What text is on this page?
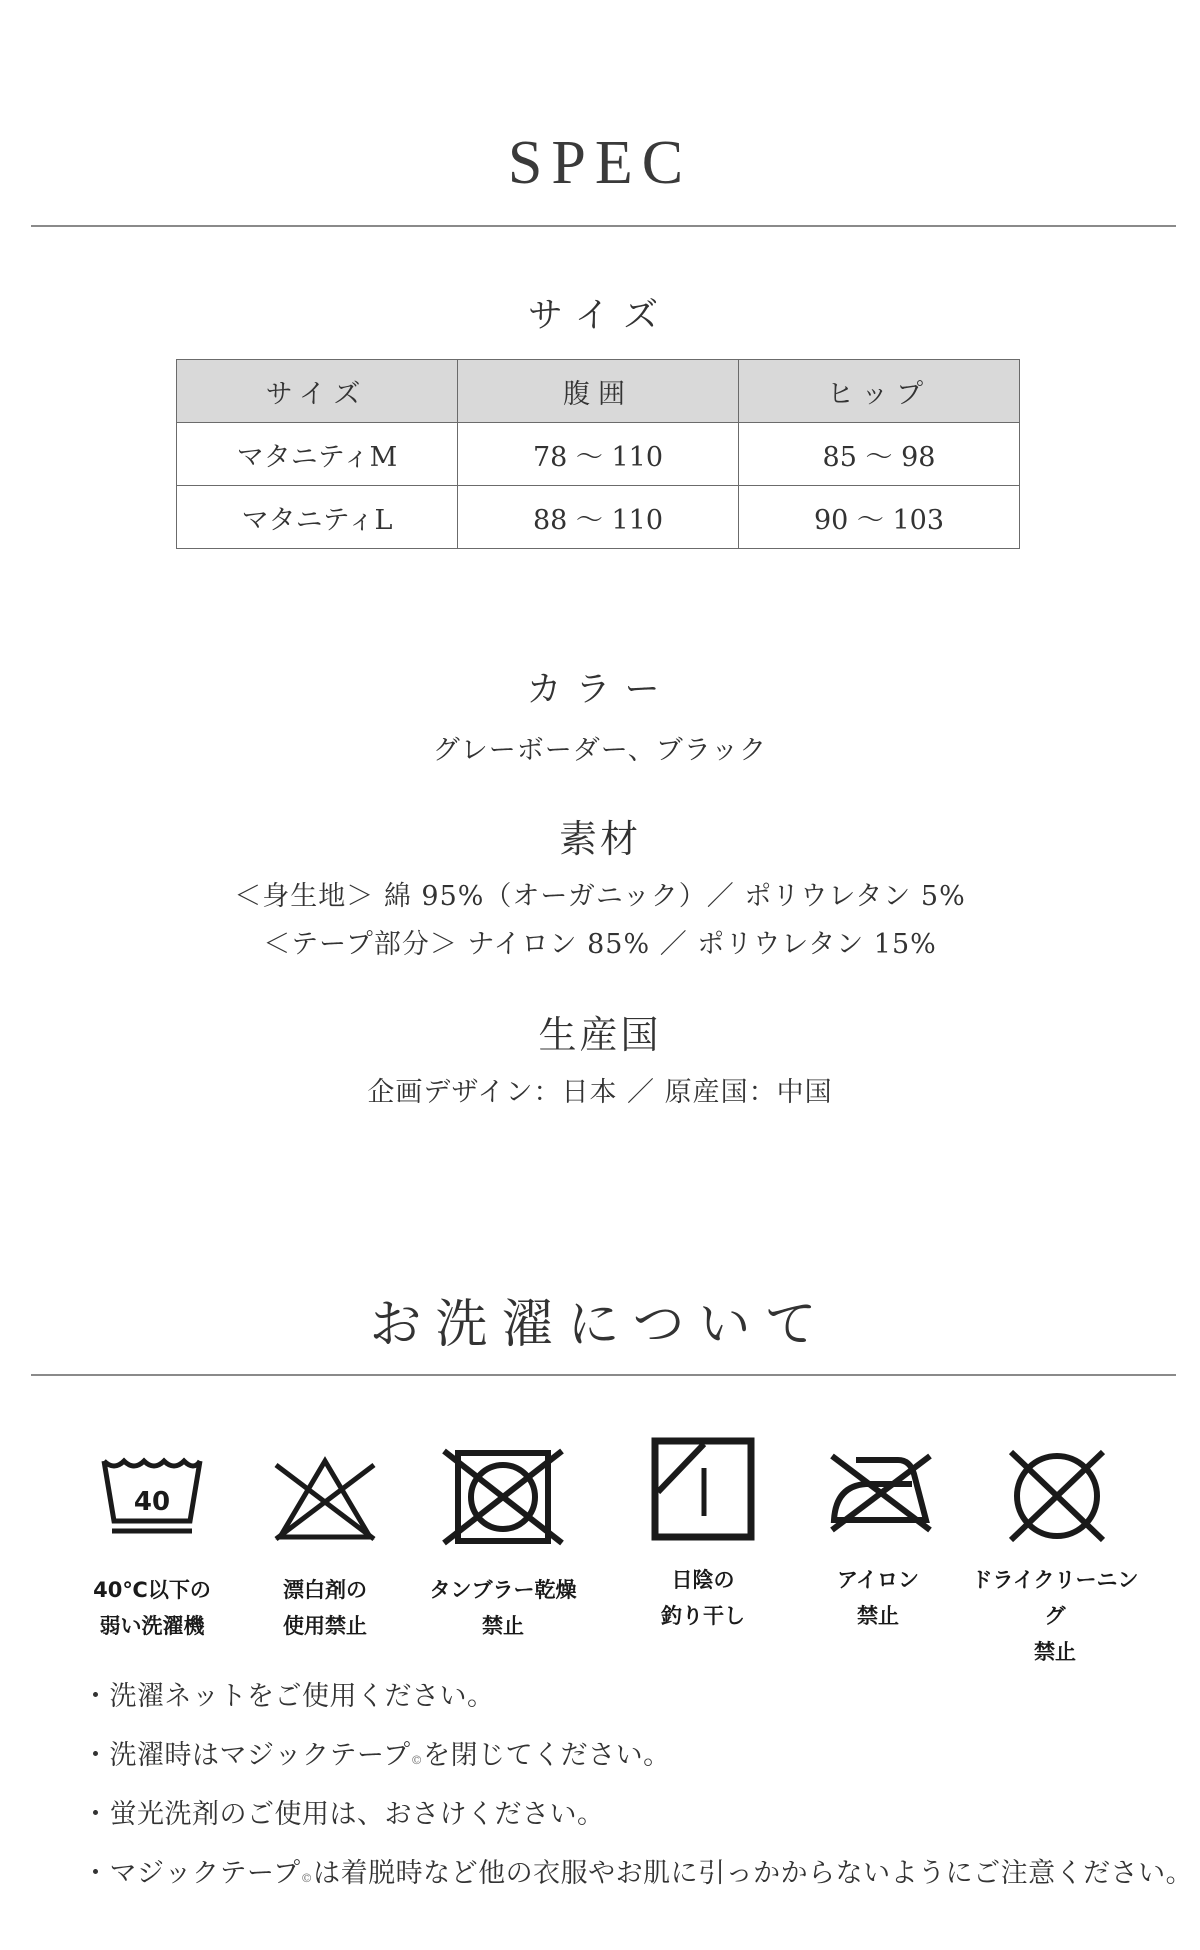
SPEC
サイズ
サイズ	腹囲	ヒップ
マタニティM	78 〜 110	85 〜 98
マタニティL	88 〜 110	90 〜 103
カラー
グレーボーダー、ブラック
素材
＜身生地＞ 綿 95%（オーガニック）／ ポリウレタン 5%
＜テープ部分＞ ナイロン 85% ／ ポリウレタン 15%
生産国
企画デザイン：日本 ／ 原産国：中国
お洗濯について
40
40℃以下の
弱い洗濯機
漂白剤の
使用禁止
タンブラー乾燥
禁止
日陰の
釣り干し
アイロン
禁止
ドライクリーニング
禁止
・洗濯ネットをご使用ください。
・洗濯時はマジックテープ©を閉じてください。
・蛍光洗剤のご使用は、おさけください。
・マジックテープ©は着脱時など他の衣服やお肌に引っかからないようにご注意ください。
